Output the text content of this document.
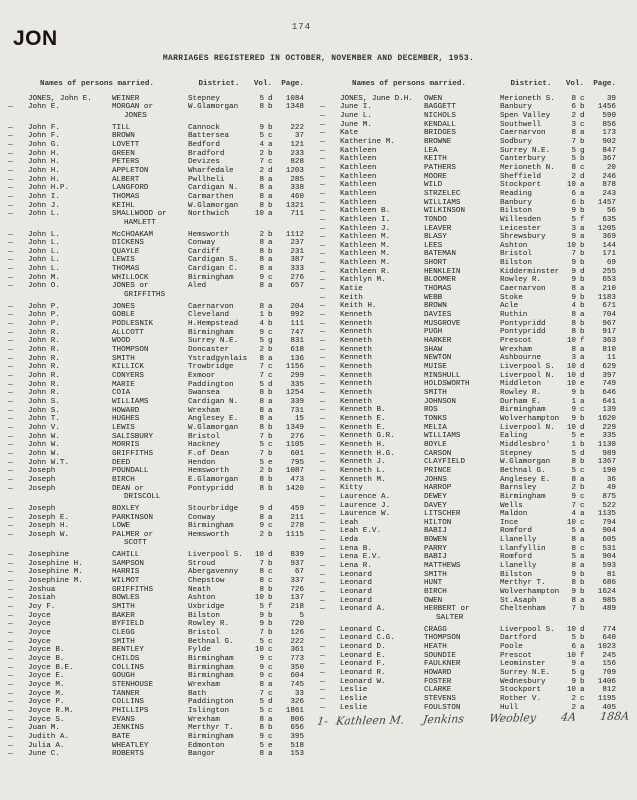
174
JON
MARRIAGES REGISTERED IN OCTOBER, NOVEMBER AND DECEMBER, 1953.
Names of persons married.	District.	Vol.	Page.
JONES, John E.	WEINER	Stepney	5 d	1084
—	John E.	MORGAN or
JONES
W.Glamorgan	8 b	1348
—	John F.	TILL	Cannock	9 b	222
—	John F.	BROWN	Battersea	5 c	37
—	John G.	LOVETT	Bedford	4 a	121
—	John H.	GREEN	Bradford	2 b	233
—	John H.	PETERS	Devizes	7 c	828
—	John H.	APPLETON	Wharfedale	2 d	1203
—	John H.	ALBERT	Pwllheli	8 a	285
—	John H.P.	LANGFORD	Cardigan N.	8 a	338
—	John I.	THOMAS	Carmarthen	8 a	460
—	John J.	KEIHL	W.Glamorgan	8 b	1321
—	John L.	SMALLWOOD or
HAMLETT
Northwich	10 a	711
—	John L.	McCHOAKAM	Hemsworth	2 b	1112
—	John L.	DICKENS	Conway	8 a	237
—	John L.	QUAYLE	Cardiff	8 b	231
—	John L.	LEWIS	Cardigan S.	8 a	387
—	John L.	THOMAS	Cardigan C.	8 a	333
—	John M.	WHILLOCK	Birmingham	9 c	276
—	John O.	JONES or
GRIFFITHS
Aled	8 a	657
—	John P.	JONES	Caernarvon	8 a	204
—	John P.	GOBLE	Cleveland	1 b	992
—	John P.	PODLESNIK	H.Hempstead	4 b	111
—	John R.	ALLCOTT	Birmingham	9 c	747
—	John R.	WOOD	Surrey N.E.	5 g	831
—	John R.	THOMPSON	Doncaster	2 b	618
—	John R.	SMITH	Ystradgynlais	8 a	136
—	John R.	KILLICK	Trowbridge	7 c	1156
—	John R.	CONYERS	Exmoor	7 c	299
—	John R.	MARIE	Paddington	5 d	335
—	John R.	COIA	Swansea	8 b	1254
—	John S.	WILLIAMS	Cardigan N.	8 a	339
—	John S.	HOWARD	Wrexham	8 a	731
—	John T.	HUGHES	Anglesey E.	8 a	15
—	John V.	LEWIS	W.Glamorgan	8 b	1349
—	John W.	SALISBURY	Bristol	7 b	276
—	John W.	MORRIS	Hackney	5 c	1105
—	John W.	GRIFFITHS	F.of Dean	7 b	601
—	John W.T.	DEED	Hendon	5 e	795
—	Joseph	POUNDALL	Hemsworth	2 b	1087
—	Joseph	BIRCH	E.Glamorgan	8 b	473
—	Joseph	DEAN or
DRISCOLL
Pontypridd	8 b	1420
—	Joseph	BOXLEY	Stourbridge	9 d	459
—	Joseph E.	PARKINSON	Conway	8 a	211
—	Joseph H.	LOWE	Birmingham	9 c	278
—	Joseph W.	PALMER or
SCOTT
Hemsworth	2 b	1115
—	Josephine	CAHILL	Liverpool S.	10 d	839
—	Josephine H.	SAMPSON	Stroud	7 b	937
—	Josephine M.	HARRIS	Abergavenny	8 c	67
—	Josephine M.	WILMOT	Chepstow	8 c	337
—	Joshua	GRIFFITHS	Neath	8 b	726
—	Josiah	BOWLES	Ashton	10 b	137
—	Joy F.	SMITH	Uxbridge	5 f	218
—	Joyce	BAKER	Bilston	9 b	5
—	Joyce	BYFIELD	Rowley R.	9 b	720
—	Joyce	CLEGG	Bristol	7 b	126
—	Joyce	SMITH	Bethnal G.	5 c	222
—	Joyce B.	BENTLEY	Fylde	10 c	361
—	Joyce B.	CHILDS	Birmingham	9 c	773
—	Joyce B.E.	COLLINS	Birmingham	9 c	350
—	Joyce E.	GOUGH	Birmingham	9 c	604
—	Joyce M.	STENHOUSE	Wrexham	8 a	745
—	Joyce M.	TANNER	Bath	7 c	33
—	Joyce P.	COLLINS	Paddington	5 d	326
—	Joyce R.M.	PHILLIPS	Islington	5 c	1861
—	Joyce S.	EVANS	Wrexham	8 a	806
—	Juan M.	JENKINS	Merthyr T.	8 b	656
—	Judith A.	BATE	Birmingham	9 c	395
—	Julia A.	WHEATLEY	Edmonton	5 e	518
—	June C.	ROBERTS	Bangor	8 a	153
Names of persons married.	District.	Vol.	Page.
JONES, June D.H.	OWEN	Merioneth S.	8 c	39
—	June I.	BAGGETT	Banbury	6 b	1456
—	June L.	NICHOLS	Spen Valley	2 d	590
—	June M.	KENDALL	Southwell	3 c	856
—	Kate	BRIDGES	Caernarvon	8 a	173
—	Katherine M.	BROWNE	Sodbury	7 b	902
—	Kathleen	LEA	Surrey N.E.	5 g	847
—	Kathleen	KEITH	Canterbury	5 b	367
—	Kathleen	PATHERS	Merioneth N.	8 c	20
—	Kathleen	MOORE	Sheffield	2 d	246
—	Kathleen	WILD	Stockport	10 a	878
—	Kathleen	STRZELEC	Reading	6 a	243
—	Kathleen	WILLIAMS	Banbury	6 b	1457
—	Kathleen B.	WILKINSON	Bilston	9 b	56
—	Kathleen I.	TONDO	Willesden	5 f	635
—	Kathleen J.	LEAVER	Leicester	3 a	1205
—	Kathleen M.	BLASY	Shrewsbury	9 a	369
—	Kathleen M.	LEES	Ashton	10 b	144
—	Kathleen M.	BATEMAN	Bristol	7 b	171
—	Kathleen M.	SHORT	Bilston	9 b	69
—	Kathleen R.	HENKLEIN	Kidderminster	9 d	255
—	Kathlyn M.	BLOOMER	Rowley R.	9 b	653
—	Katie	THOMAS	Caernarvon	8 a	210
—	Keith	WEBB	Stoke	9 b	1183
—	Keith H.	BROWN	Acle	4 b	671
—	Kenneth	DAVIES	Ruthin	8 a	704
—	Kenneth	MUSGROVE	Pontypridd	8 b	967
—	Kenneth	PUGH	Pontypridd	8 b	917
—	Kenneth	HARKER	Prescot	10 f	363
—	Kenneth	SHAW	Wrexham	8 a	810
—	Kenneth	NEWTON	Ashbourne	3 a	11
—	Kenneth	MUISE	Liverpool S.	10 d	629
—	Kenneth	MINSHULL	Liverpool N.	10 d	397
—	Kenneth	HOLDSWORTH	Middleton	10 e	749
—	Kenneth	SMITH	Rowley R.	9 b	646
—	Kenneth	JOHNSON	Durham E.	1 a	641
—	Kenneth B.	ROS	Birmingham	9 c	139
—	Kenneth E.	TONKS	Wolverhampton	9 b	1620
—	Kenneth E.	MELIA	Liverpool N.	10 d	229
—	Kenneth G.R.	WILLIAMS	Ealing	5 e	335
—	Kenneth H.	BOYLE	Middlesbro'	1 b	1130
—	Kenneth H.G.	CARSON	Stepney	5 d	989
—	Kenneth J.	CLAYFIELD	W.Glamorgan	8 b	1367
—	Kenneth L.	PRINCE	Bethnal G.	5 c	190
—	Kenneth M.	JOHNS	Anglesey E.	8 a	36
—	Kitty	HARROP	Barnsley	2 b	49
—	Laurence A.	DEWEY	Birmingham	9 c	875
—	Laurence J.	DAVEY	Wells	7 c	522
—	Laurence W.	LITSCHER	Maldon	4 a	1135
—	Leah	HILTON	Ince	10 c	794
—	Leah E.V.	BABIJ	Romford	5 a	904
—	Leda	BOWEN	Llanelly	8 a	605
—	Lena B.	PARRY	Llanfyllin	8 c	531
—	Lena E.V.	BABIJ	Romford	5 a	904
—	Lena R.	MATTHEWS	Llanelly	8 a	593
—	Leonard	SMITH	Bilston	9 b	81
—	Leonard	HUNT	Merthyr T.	8 b	686
—	Leonard	BIRCH	Wolverhampton	9 b	1624
—	Leonard	OWEN	St.Asaph	8 a	985
—	Leonard A.	HERBERT or
SALTER
Cheltenham	7 b	489
—	Leonard C.	CRAGG	Liverpool S.	10 d	774
—	Leonard C.G.	THOMPSON	Dartford	5 b	640
—	Leonard D.	HEATH	Poole	6 a	1023
—	Leonard E.	SOUNDIE	Prescot	10 f	245
—	Leonard F.	FAULKNER	Leominster	9 a	156
—	Leonard R.	HOWARD	Surrey N.E.	5 g	709
—	Leonard W.	FOSTER	Wednesbury	9 b	1406
—	Leslie	CLARKE	Stockport	10 a	812
—	Leslie	STEVENS	Rother V.	2 c	1195
—	Leslie	FOULSTON	Hull	2 a	405
1- Kathleen M.	Jenkins	Weobley	4A	188A
